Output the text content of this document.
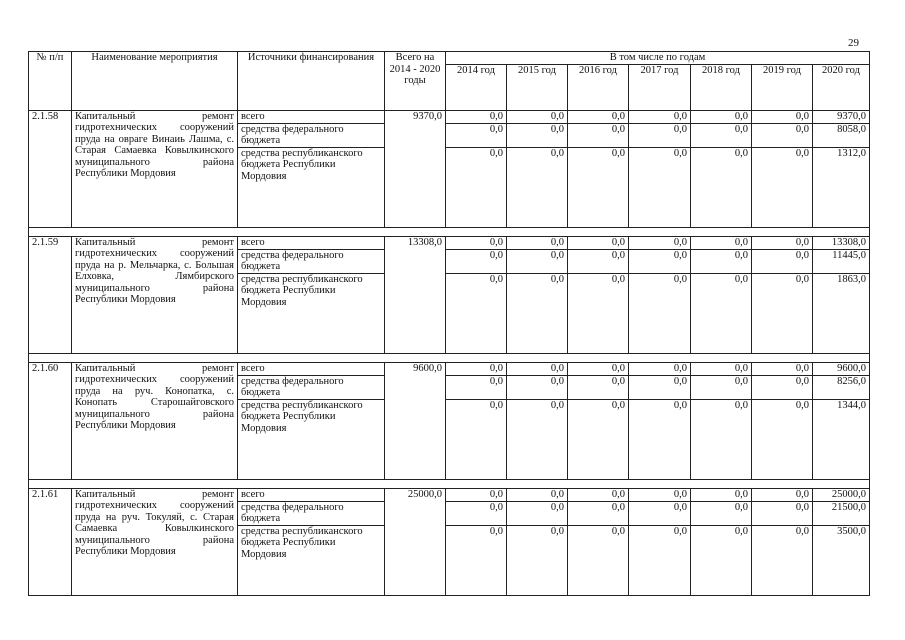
29
№ п/п	Наименование мероприятия	Источники финансирования	Всего на 2014 - 2020 годы	В том числе по годам						
				2014 год	2015 год	2016 год	2017 год	2018 год	2019 год	2020 год
2.1.58	Капитальный ремонт гидротехнических сооружений пруда на овраге Винаиь Лашма, с. Старая Самаевка Ковылкинского муниципального района Республики Мордовия	всего	9370,0	0,0	0,0	0,0	0,0	0,0	0,0	9370,0
		средства федерального бюджета		0,0	0,0	0,0	0,0	0,0	0,0	8058,0
		средства республиканского бюджета Республики Мордовия		0,0	0,0	0,0	0,0	0,0	0,0	1312,0

2.1.59	Капитальный ремонт гидротехнических сооружений пруда на р. Мельчарка, с. Большая Елховка, Лямбирского муниципального района Республики Мордовия	всего	13308,0	0,0	0,0	0,0	0,0	0,0	0,0	13308,0
		средства федерального бюджета		0,0	0,0	0,0	0,0	0,0	0,0	11445,0
		средства республиканского бюджета Республики Мордовия		0,0	0,0	0,0	0,0	0,0	0,0	1863,0

2.1.60	Капитальный ремонт гидротехнических сооружений пруда на руч. Конопатка, с. Конопать Старошайговского муниципального района Республики Мордовия	всего	9600,0	0,0	0,0	0,0	0,0	0,0	0,0	9600,0
		средства федерального бюджета		0,0	0,0	0,0	0,0	0,0	0,0	8256,0
		средства республиканского бюджета Республики Мордовия		0,0	0,0	0,0	0,0	0,0	0,0	1344,0

2.1.61	Капитальный ремонт гидротехнических сооружений пруда на руч. Токуляй, с. Старая Самаевка Ковылкинского муниципального района Республики Мордовия	всего	25000,0	0,0	0,0	0,0	0,0	0,0	0,0	25000,0
		средства федерального бюджета		0,0	0,0	0,0	0,0	0,0	0,0	21500,0
		средства республиканского бюджета Республики Мордовия		0,0	0,0	0,0	0,0	0,0	0,0	3500,0
